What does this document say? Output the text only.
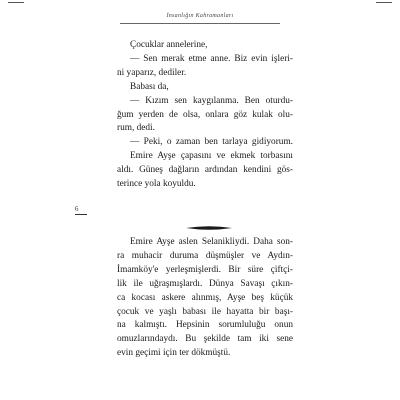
İnsanlığın Kahramanları
Çocuklar annelerine,
— Sen merak etme anne. Biz evin işleri-
ni yaparız, dediler.
Babası da,
— Kızım sen kaygılanma. Ben oturdu-
ğum yerden de olsa, onlara göz kulak olu-
rum, dedi.
— Peki, o zaman ben tarlaya gidiyorum.
Emire Ayşe çapasını ve ekmek torbasını
aldı. Güneş dağların ardından kendini gös-
terince yola koyuldu.
6
Emire Ayşe aslen Selanikliydi. Daha son-
ra muhacir duruma düşmüşler ve Aydın-
İmamköy'e yerleşmişlerdi. Bir süre çiftçi-
lik ile uğraşmışlardı. Dünya Savaşı çıkın-
ca kocası askere alınmış, Ayşe beş küçük
çocuk ve yaşlı babası ile hayatta bir başı-
na kalmıştı. Hepsinin sorumluluğu onun
omuzlarındaydı. Bu şekilde tam iki sene
evin geçimi için ter dökmüştü.
